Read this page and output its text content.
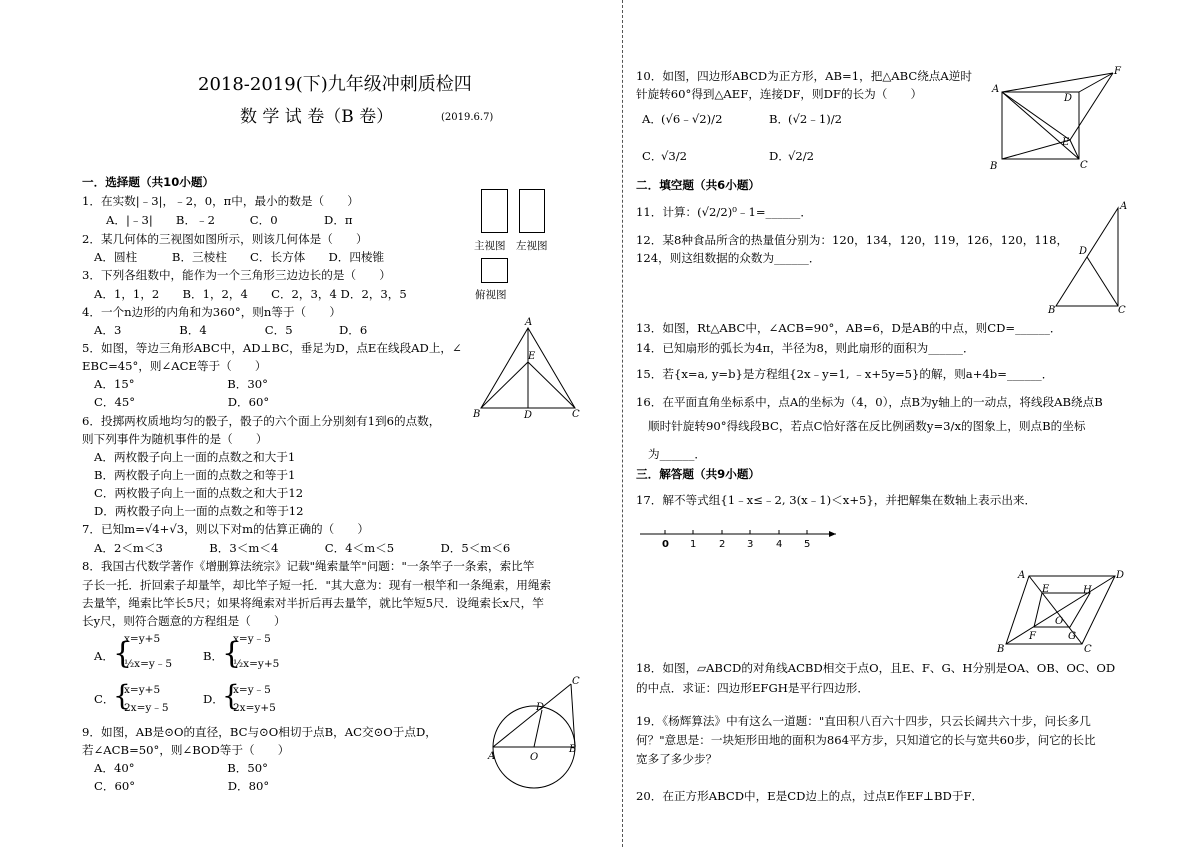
2018-2019(下)九年级冲刺质检四
数 学 试 卷（B 卷）	(2019.6.7)
一．选择题（共10小题）
1．在实数|﹣3|，﹣2，0，π中，最小的数是（　　）
A．|﹣3|　　B．﹣2　　　C．0　　　　D．π
2．某几何体的三视图如图所示，则该几何体是（　　）
A．圆柱　　　B．三棱柱　　C．长方体　　D．四棱锥
3．下列各组数中，能作为一个三角形三边边长的是（　　）
A．1，1，2　　B．1，2，4　　C．2，3，4 D．2，3，5
4．一个n边形的内角和为360°，则n等于（　　）
A．3　　　　　B．4　　　　　C．5　　　　D．6
5．如图，等边三角形ABC中，AD⊥BC，垂足为D，点E在线段AD上，∠
EBC=45°，则∠ACE等于（　　）
A．15°　　　　　　　　B．30°
C．45°　　　　　　　　D．60°
6．投掷两枚质地均匀的骰子，骰子的六个面上分别刻有1到6的点数，
则下列事件为随机事件的是（　　）
A．两枚骰子向上一面的点数之和大于1
B．两枚骰子向上一面的点数之和等于1
C．两枚骰子向上一面的点数之和大于12
D．两枚骰子向上一面的点数之和等于12
7．已知m=√4+√3，则以下对m的估算正确的（　　）
A．2＜m＜3　　　　B．3＜m＜4　　　　C．4＜m＜5　　　　D．5＜m＜6
8．我国古代数学著作《增删算法统宗》记载"绳索量竿"问题："一条竿子一条索，索比竿
子长一托．折回索子却量竿，却比竿子短一托．"其大意为：现有一根竿和一条绳索，用绳索
去量竿，绳索比竿长5尺；如果将绳索对半折后再去量竿，就比竿短5尺．设绳索长x尺，竿
长y尺，则符合题意的方程组是（　　）
A． {
x=y+5
½x=y﹣5
B．
{
x=y﹣5
½x=y+5
C．
{
x=y+5
2x=y﹣5
D．
{
x=y﹣5
2x=y+5
9．如图，AB是⊙O的直径，BC与⊙O相切于点B，AC交⊙O于点D，
若∠ACB=50°，则∠BOD等于（　　）
A．40°　　　　　　　　B．50°
C．60°　　　　　　　　D．80°
主视图 左视图
俯视图
A
E
B	D	C
C
D
A	O
B
10．如图，四边形ABCD为正方形，AB=1，把△ABC绕点A逆时
针旋转60°得到△AEF，连接DF，则DF的长为（　　）
A． (√6﹣√2)/2	B．
(√2﹣1)/2
C．
√3/2	D．
√2/2
二．填空题（共6小题）
11．计算：(√2/2)⁰﹣1=______．
12．某8种食品所含的热量值分别为：120，134，120，119，126，120，118，
124，则这组数据的众数为______．
13．如图，Rt△ABC中，∠ACB=90°，AB=6，D是AB的中点，则CD=______．
14．已知扇形的弧长为4π，半径为8，则此扇形的面积为______．
15．若{x=a, y=b}是方程组{2x﹣y=1, ﹣x+5y=5}的解，则a+4b=______．
16．在平面直角坐标系中，点A的坐标为（4，0），点B为y轴上的一动点，将线段AB绕点B
顺时针旋转90°得线段BC，若点C恰好落在反比例函数y=3/x的图象上，则点B的坐标
为______．
三．解答题（共9小题）
17．解不等式组{1﹣x≤﹣2, 3(x﹣1)＜x+5}，并把解集在数轴上表示出来．
0 1 2 3 4 5
18．如图，▱ABCD的对角线ACBD相交于点O，且E、F、G、H分别是OA、OB、OC、OD
的中点．求证：四边形EFGH是平行四边形．
19．《杨辉算法》中有这么一道题："直田积八百六十四步，只云长阔共六十步，问长多几
何？"意思是：一块矩形田地的面积为864平方步，只知道它的长与宽共60步，问它的长比
宽多了多少步？
20．在正方形ABCD中，E是CD边上的点，过点E作EF⊥BD于F．
F
A
D
E
B	C
A
D
B	C
A	D
E	H
O
B
F	G
C
